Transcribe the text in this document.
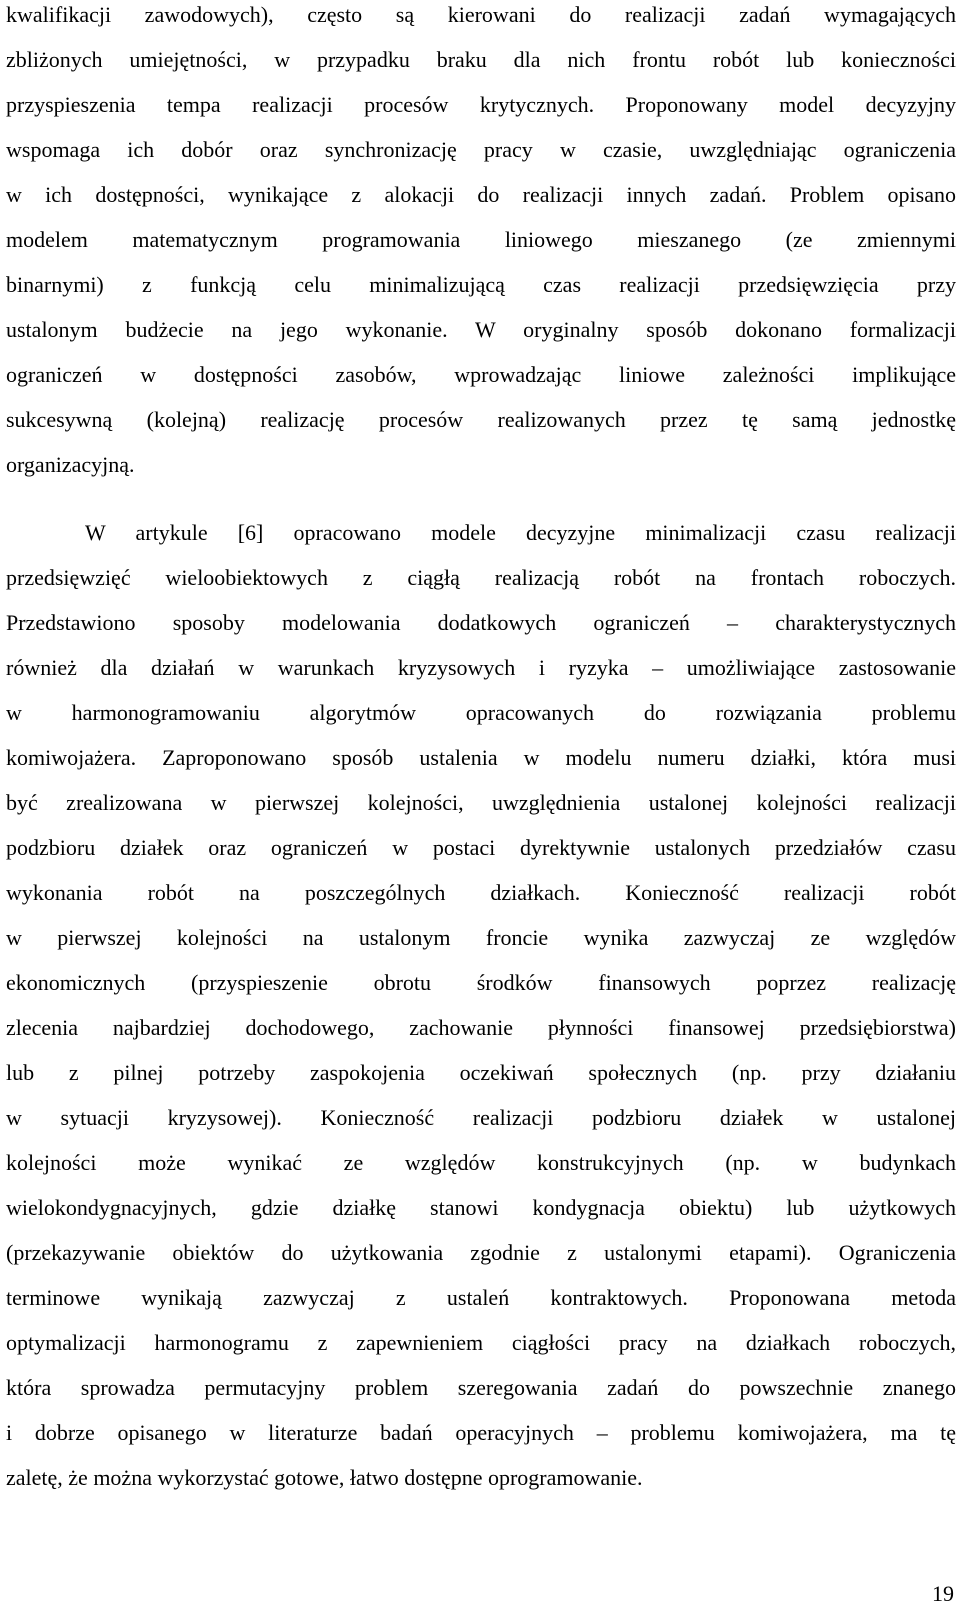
kwalifikacji zawodowych), często są kierowani do realizacji zadań wymagających
zbliżonych umiejętności, w przypadku braku dla nich frontu robót lub konieczności
przyspieszenia tempa realizacji procesów krytycznych. Proponowany model decyzyjny
wspomaga ich dobór oraz synchronizację pracy w czasie, uwzględniając ograniczenia
w ich dostępności, wynikające z alokacji do realizacji innych zadań. Problem opisano
modelem matematycznym programowania liniowego mieszanego (ze zmiennymi
binarnymi) z funkcją celu minimalizującą czas realizacji przedsięwzięcia przy
ustalonym budżecie na jego wykonanie. W oryginalny sposób dokonano formalizacji
ograniczeń w dostępności zasobów, wprowadzając liniowe zależności implikujące
sukcesywną (kolejną) realizację procesów realizowanych przez tę samą jednostkę
organizacyjną.
W artykule [6] opracowano modele decyzyjne minimalizacji czasu realizacji
przedsięwzięć wieloobiektowych z ciągłą realizacją robót na frontach roboczych.
Przedstawiono sposoby modelowania dodatkowych ograniczeń – charakterystycznych
również dla działań w warunkach kryzysowych i ryzyka – umożliwiające zastosowanie
w harmonogramowaniu algorytmów opracowanych do rozwiązania problemu
komiwojażera. Zaproponowano sposób ustalenia w modelu numeru działki, która musi
być zrealizowana w pierwszej kolejności, uwzględnienia ustalonej kolejności realizacji
podzbioru działek oraz ograniczeń w postaci dyrektywnie ustalonych przedziałów czasu
wykonania robót na poszczególnych działkach. Konieczność realizacji robót
w pierwszej kolejności na ustalonym froncie wynika zazwyczaj ze względów
ekonomicznych (przyspieszenie obrotu środków finansowych poprzez realizację
zlecenia najbardziej dochodowego, zachowanie płynności finansowej przedsiębiorstwa)
lub z pilnej potrzeby zaspokojenia oczekiwań społecznych (np. przy działaniu
w sytuacji kryzysowej). Konieczność realizacji podzbioru działek w ustalonej
kolejności może wynikać ze względów konstrukcyjnych (np. w budynkach
wielokondygnacyjnych, gdzie działkę stanowi kondygnacja obiektu) lub użytkowych
(przekazywanie obiektów do użytkowania zgodnie z ustalonymi etapami). Ograniczenia
terminowe wynikają zazwyczaj z ustaleń kontraktowych. Proponowana metoda
optymalizacji harmonogramu z zapewnieniem ciągłości pracy na działkach roboczych,
która sprowadza permutacyjny problem szeregowania zadań do powszechnie znanego
i dobrze opisanego w literaturze badań operacyjnych – problemu komiwojażera, ma tę
zaletę, że można wykorzystać gotowe, łatwo dostępne oprogramowanie.
19
